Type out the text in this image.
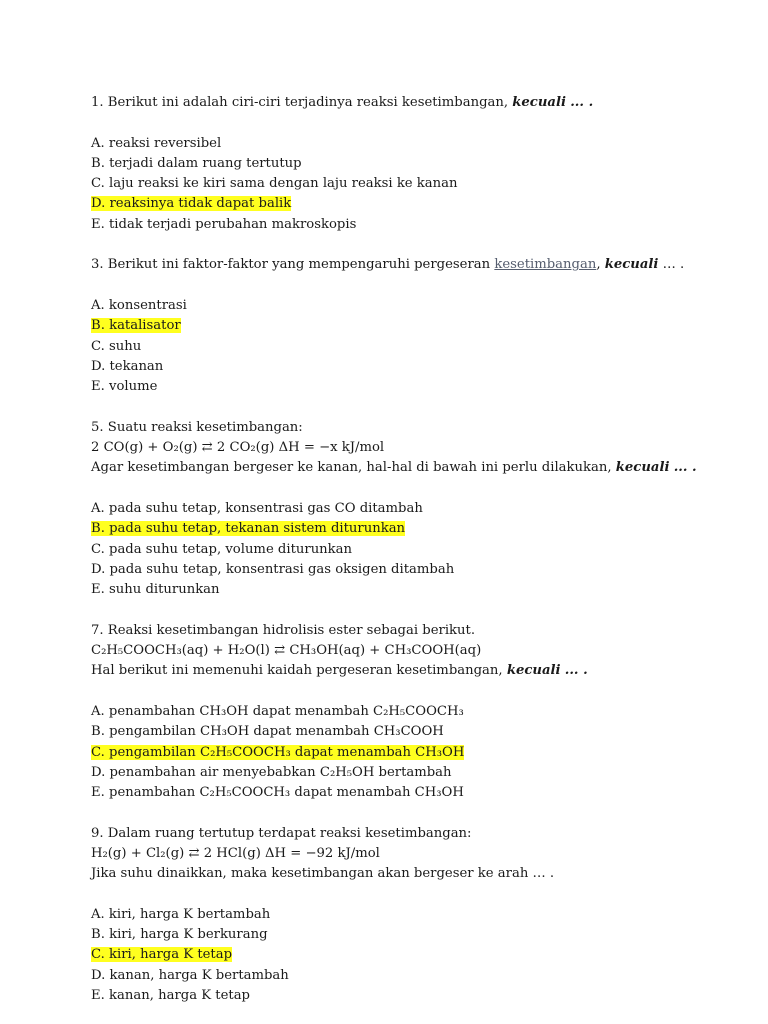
1. Berikut ini adalah ciri-ciri terjadinya reaksi kesetimbangan, kecuali ... .
A. reaksi reversibel
B. terjadi dalam ruang tertutup
C. laju reaksi ke kiri sama dengan laju reaksi ke kanan
D. reaksinya tidak dapat balik
E. tidak terjadi perubahan makroskopis
3. Berikut ini faktor-faktor yang mempengaruhi pergeseran kesetimbangan, kecuali … .
A. konsentrasi
B. katalisator
C. suhu
D. tekanan
E. volume
5. Suatu reaksi kesetimbangan:
2 CO(g) + O₂(g) ⇄ 2 CO₂(g) ΔH = −x kJ/mol
Agar kesetimbangan bergeser ke kanan, hal-hal di bawah ini perlu dilakukan, kecuali ... .
A. pada suhu tetap, konsentrasi gas CO ditambah
B. pada suhu tetap, tekanan sistem diturunkan
C. pada suhu tetap, volume diturunkan
D. pada suhu tetap, konsentrasi gas oksigen ditambah
E. suhu diturunkan
7. Reaksi kesetimbangan hidrolisis ester sebagai berikut.
C₂H₅COOCH₃(aq) + H₂O(l) ⇄ CH₃OH(aq) + CH₃COOH(aq)
Hal berikut ini memenuhi kaidah pergeseran kesetimbangan, kecuali ... .
A. penambahan CH₃OH dapat menambah C₂H₅COOCH₃
B. pengambilan CH₃OH dapat menambah CH₃COOH
C. pengambilan C₂H₅COOCH₃ dapat menambah CH₃OH
D. penambahan air menyebabkan C₂H₅OH bertambah
E. penambahan C₂H₅COOCH₃ dapat menambah CH₃OH
9. Dalam ruang tertutup terdapat reaksi kesetimbangan:
H₂(g) + Cl₂(g) ⇄ 2 HCl(g) ΔH = −92 kJ/mol
Jika suhu dinaikkan, maka kesetimbangan akan bergeser ke arah … .
A. kiri, harga K bertambah
B. kiri, harga K berkurang
C. kiri, harga K tetap
D. kanan, harga K bertambah
E. kanan, harga K tetap
